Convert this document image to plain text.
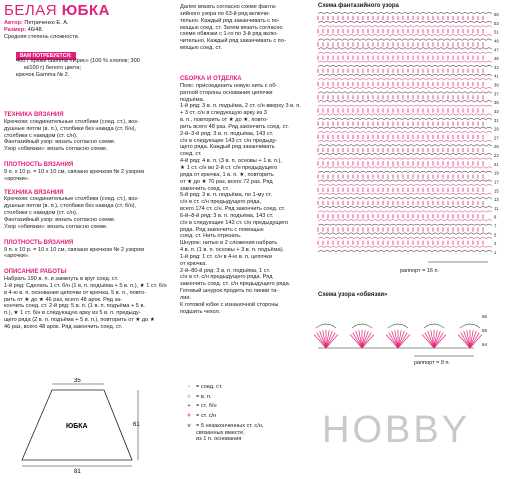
БЕЛАЯ ЮБКА
Автор: Петриченко Е. А.
Размер: 46/48.
Средняя степень сложности.
ВАМ ПОТРЕБУЕТСЯ:
400 г пряжи Gamma «Ирис» (100 % хлопок; 300
м/100 г) белого цвета;
крючок Gamma № 2.
ТЕХНИКА ВЯЗАНИЯ
Крючком: соединительные столбики (соед. ст.), воз-
душные петли (в. п.), столбики без накида (ст. б/н),
столбики с накидом (ст. с/н).
Фантазийный узор: вязать согласно схеме.
Узор «обвязки»: вязать согласно схеме.
ПЛОТНОСТЬ ВЯЗАНИЯ
9 п. х 10 р. = 10 х 10 см, связано крючком № 2 узором
«арочки».
ТЕХНИКА ВЯЗАНИЯ
Крючком: соединительные столбики (соед. ст.), воз-
душные петли (в. п.), столбики без накида (ст. б/н),
столбики с накидом (ст. с/н).
Фантазийный узор: вязать согласно схеме.
Узор «обвязки»: вязать согласно схеме.
ПЛОТНОСТЬ ВЯЗАНИЯ
9 п. х 10 р. = 10 х 10 см, связано крючком № 2 узором
«арочки».
ОПИСАНИЕ РАБОТЫ
Набрать 190 в. п. и замкнуть в круг соед. ст.
1-й ряд: Сделать 1 ст. б/н (1 в. п. подъёма + 5 в. п.), ★ 1 ст. б/н
в 4-ю в. п. основания цепочки от крючка, 5 в. п., повто-
рить от ★ до ★ 46 раз, всего 48 арок. Ряд за-
кончить соед. ст. 2-й ряд: 5 в. п. (1 в. п. подъёма + 5 в.
п.), ★ 1 ст. б/н в следующую арку из 5 в. п. предыду-
щего ряда (2 в. п. подъёма + 5 в. п.), повторить от ★ до ★
46 раз, всего 48 арок. Ряд закончить соед. ст.
35
81
61
ЮБКА
Далее вязать согласно схеме фанта-
зийного узора по 63-й ряд включи-
тельно. Каждый ряд заканчивать с по-
мощью соед. ст. Затем вязать согласно
схеме обвязки с 1-го по 3-й ряд вклю-
чительно. Каждый ряд заканчивать с по-
мощью соед. ст.
СБОРКА И ОТДЕЛКА
Пояс: присоединить новую нить с об-
ратной стороны основания цепочки
подъёма.
1-й ряд: 3 в. п. подъёма, 2 ст. с/н вверху 3 в. п.
+ 3 ст. с/н в следующую арку из 3
в. п., повторить от ★ до ★, повто-
рить всего 48 раз. Ряд закончить соед. ст.
2-й–3-й ряд: 3 в. п. подъёма, 143 ст.
с/н в следующие 143 ст. с/н предыду-
щего ряда. Каждый ряд заканчивать
соед. ст.
4-й ряд: 4 в. п. (3 в. п. основы + 1 в. п.),
★ 1 ст. с/н во 2-й ст. с/н предыдущего
ряда от крючка, 1 в. п. ★, повторить
от ★ до ★ 70 раз, всего 72 раз. Ряд
закончить соед. ст.
5-й ряд: 3 в. п. подъёма, по 1-му ст.
с/н в ст. с/н предыдущего ряда,
всего 174 ст. с/н. Ряд закончить соед. ст.
6-й–8-й ряд: 3 в. п. подъёма, 143 ст.
с/н в следующие 143 ст. с/н предыдущего
ряда. Ряд закончить с помощью
соед. ст. Нить отрезать.
Шнурок: нитью в 2 сложения набрать
4 в. п. (1 в. п. основы + 3 в. п. подъёма).
1-й ряд: 1 ст. с/н в 4-ю в. п. цепочки
от крючка.
2-й–80-й ряд: 3 в. п. подъёма, 1 ст.
с/н в ст. с/н предыдущего ряда. Ряд
закончить соед. ст. с/н предыдущего ряда.
Готовый шнурок продеть по линии та-
лии.
К готовой юбке с изнаночной стороны
подшить чехол.
◦ = соед. ст.
○ = в. п.
+ = ст. б/н
ǂ = ст. с/н
⋎ = 5 незаконченных ст. с/н,
связанных вместе,
из 1 п. основания
Схема фантазийного узора
55
53
51
49
47
45
43
41
39
37
35
33
31
29
27
25
23
21
19
17
15
13
11
9
7
5
3
1
раппорт = 16 п.
Схема узора «обвязки»
66
65
64
раппорт = 9 п.
HOBBY
